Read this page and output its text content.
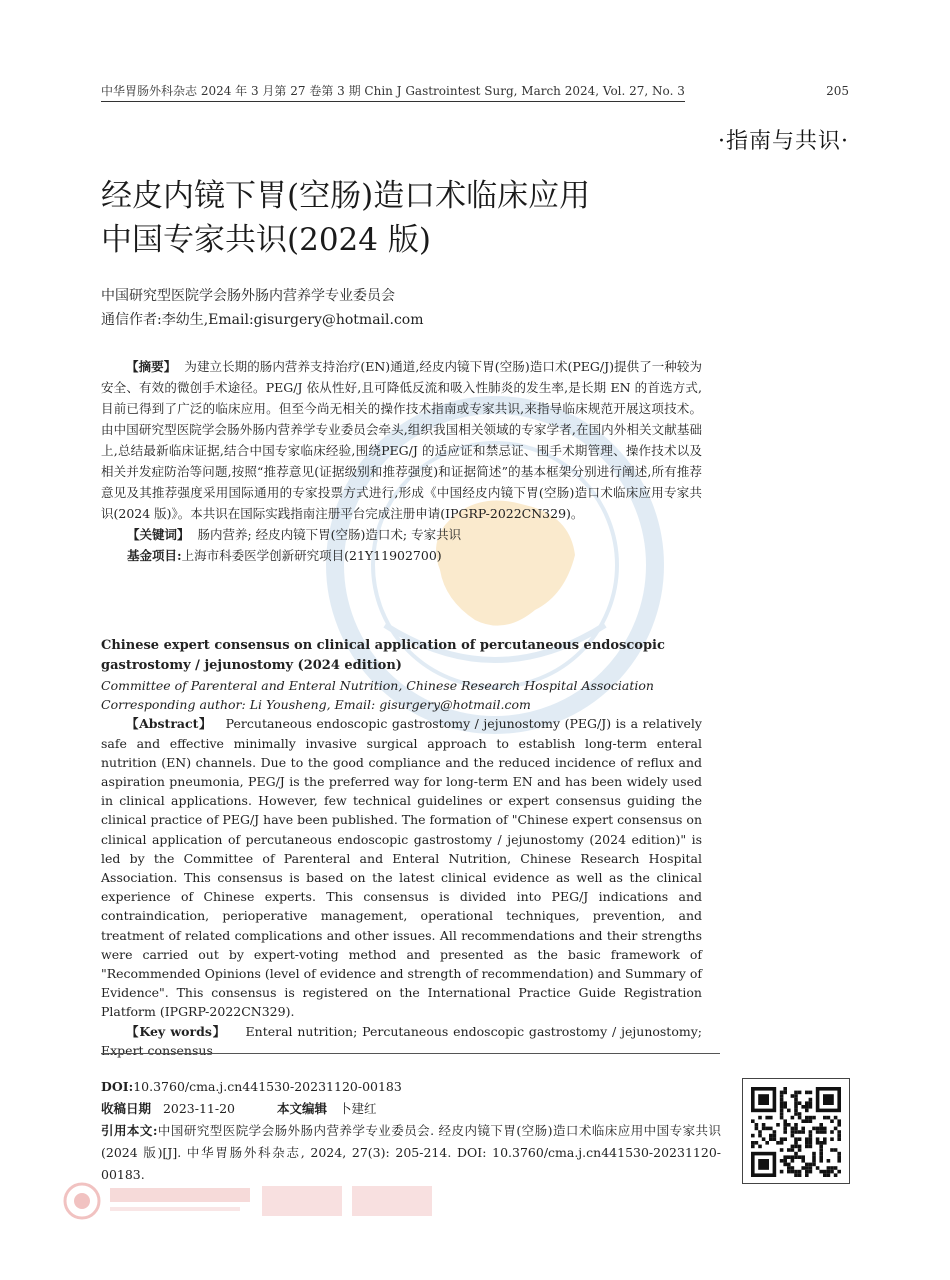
中华胃肠外科杂志 2024 年 3 月第 27 卷第 3 期 Chin J Gastrointest Surg, March 2024, Vol. 27, No. 3	205
·指南与共识·
经皮内镜下胃(空肠)造口术临床应用
中国专家共识(2024 版)
中国研究型医院学会肠外肠内营养学专业委员会
通信作者:李幼生,Email:gisurgery@hotmail.com

【摘要】 为建立长期的肠内营养支持治疗(EN)通道,经皮内镜下胃(空肠)造口术(PEG/J)提供了一种较为安全、有效的微创手术途径。PEG/J 依从性好,且可降低反流和吸入性肺炎的发生率,是长期 EN 的首选方式,目前已得到了广泛的临床应用。但至今尚无相关的操作技术指南或专家共识,来指导临床规范开展这项技术。由中国研究型医院学会肠外肠内营养学专业委员会牵头,组织我国相关领域的专家学者,在国内外相关文献基础上,总结最新临床证据,结合中国专家临床经验,围绕PEG/J 的适应证和禁忌证、围手术期管理、操作技术以及相关并发症防治等问题,按照“推荐意见(证据级别和推荐强度)和证据简述”的基本框架分别进行阐述,所有推荐意见及其推荐强度采用国际通用的专家投票方式进行,形成《中国经皮内镜下胃(空肠)造口术临床应用专家共识(2024 版)》。本共识在国际实践指南注册平台完成注册申请(IPGRP-2022CN329)。

【关键词】 肠内营养; 经皮内镜下胃(空肠)造口术; 专家共识

基金项目:上海市科委医学创新研究项目(21Y11902700)

Chinese expert consensus on clinical application of percutaneous endoscopic gastrostomy / jejunostomy (2024 edition)

Committee of Parenteral and Enteral Nutrition, Chinese Research Hospital Association

Corresponding author: Li Yousheng, Email: gisurgery@hotmail.com

【Abstract】 Percutaneous endoscopic gastrostomy / jejunostomy (PEG/J) is a relatively safe and effective minimally invasive surgical approach to establish long-term enteral nutrition (EN) channels. Due to the good compliance and the reduced incidence of reflux and aspiration pneumonia, PEG/J is the preferred way for long-term EN and has been widely used in clinical applications. However, few technical guidelines or expert consensus guiding the clinical practice of PEG/J have been published. The formation of "Chinese expert consensus on clinical application of percutaneous endoscopic gastrostomy / jejunostomy (2024 edition)" is led by the Committee of Parenteral and Enteral Nutrition, Chinese Research Hospital Association. This consensus is based on the latest clinical evidence as well as the clinical experience of Chinese experts. This consensus is divided into PEG/J indications and contraindication, perioperative management, operational techniques, prevention, and treatment of related complications and other issues. All recommendations and their strengths were carried out by expert-voting method and presented as the basic framework of "Recommended Opinions (level of evidence and strength of recommendation) and Summary of Evidence". This consensus is registered on the International Practice Guide Registration Platform (IPGRP-2022CN329).

【Key words】 Enteral nutrition; Percutaneous endoscopic gastrostomy / jejunostomy; Expert consensus

DOI:10.3760/cma.j.cn441530-20231120-00183

收稿日期 2023-11-20	本文编辑 卜建红

引用本文:中国研究型医院学会肠外肠内营养学专业委员会. 经皮内镜下胃(空肠)造口术临床应用中国专家共识(2024 版)[J]. 中华胃肠外科杂志, 2024, 27(3): 205-214. DOI: 10.3760/cma.j.cn441530-20231120-00183.
